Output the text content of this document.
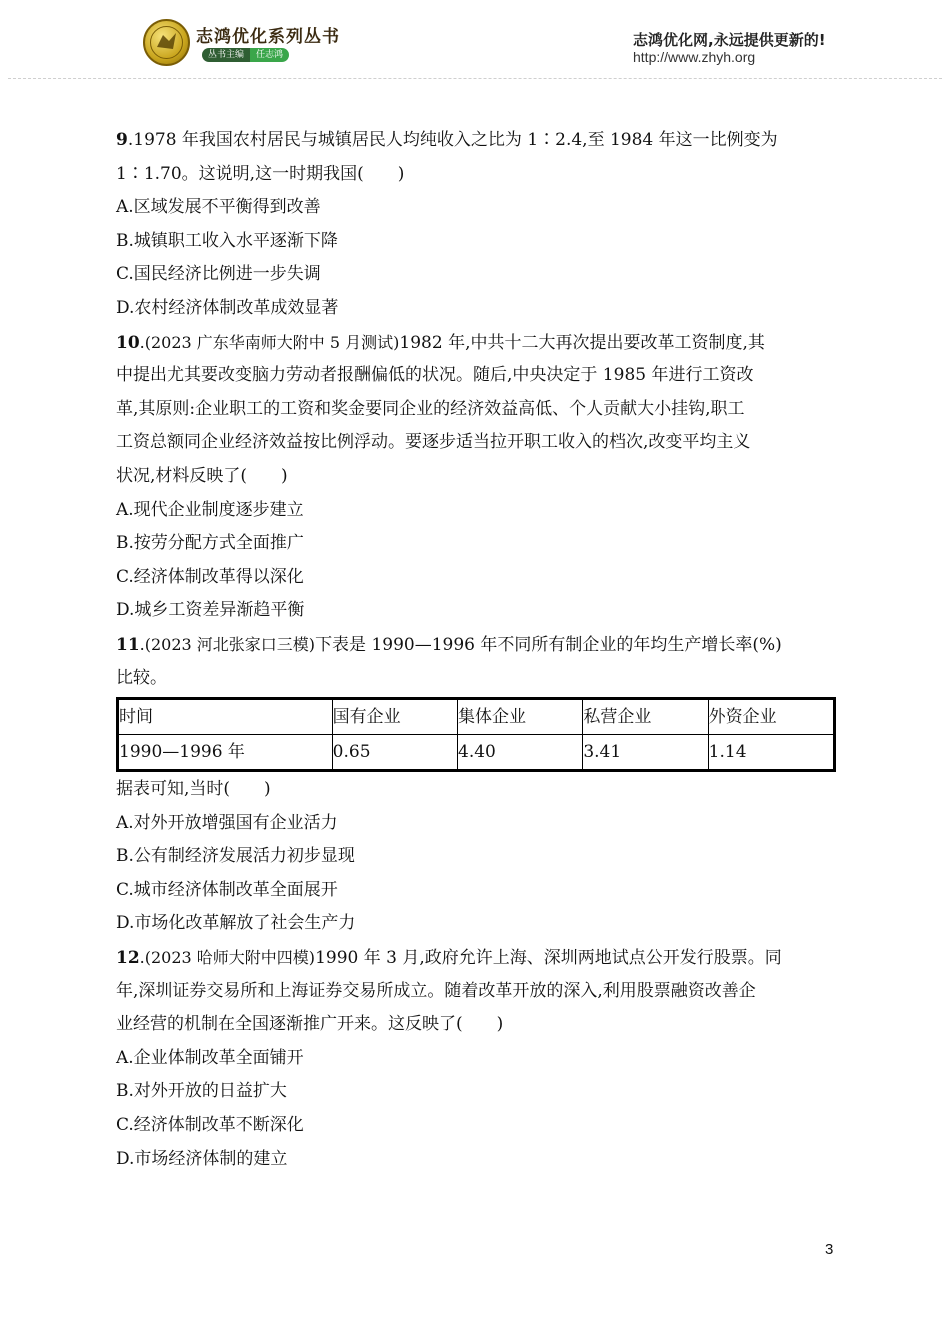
志鸿优化系列丛书
丛书主编	任志鸿
志鸿优化网,永远提供更新的!
http://www.zhyh.org
9.1978 年我国农村居民与城镇居民人均纯收入之比为 1∶2.4,至 1984 年这一比例变为
1∶1.70。这说明,这一时期我国(　　)
A.区域发展不平衡得到改善
B.城镇职工收入水平逐渐下降
C.国民经济比例进一步失调
D.农村经济体制改革成效显著
10.(2023 广东华南师大附中 5 月测试)1982 年,中共十二大再次提出要改革工资制度,其
中提出尤其要改变脑力劳动者报酬偏低的状况。随后,中央决定于 1985 年进行工资改
革,其原则:企业职工的工资和奖金要同企业的经济效益高低、个人贡献大小挂钩,职工
工资总额同企业经济效益按比例浮动。要逐步适当拉开职工收入的档次,改变平均主义
状况,材料反映了(　　)
A.现代企业制度逐步建立
B.按劳分配方式全面推广
C.经济体制改革得以深化
D.城乡工资差异渐趋平衡
11.(2023 河北张家口三模)下表是 1990—1996 年不同所有制企业的年均生产增长率(%)
比较。
时间	国有企业	集体企业	私营企业	外资企业
1990—1996 年	0.65	4.40	3.41	1.14
据表可知,当时(　　)
A.对外开放增强国有企业活力
B.公有制经济发展活力初步显现
C.城市经济体制改革全面展开
D.市场化改革解放了社会生产力
12.(2023 哈师大附中四模)1990 年 3 月,政府允许上海、深圳两地试点公开发行股票。同
年,深圳证券交易所和上海证券交易所成立。随着改革开放的深入,利用股票融资改善企
业经营的机制在全国逐渐推广开来。这反映了(　　)
A.企业体制改革全面铺开
B.对外开放的日益扩大
C.经济体制改革不断深化
D.市场经济体制的建立
3
